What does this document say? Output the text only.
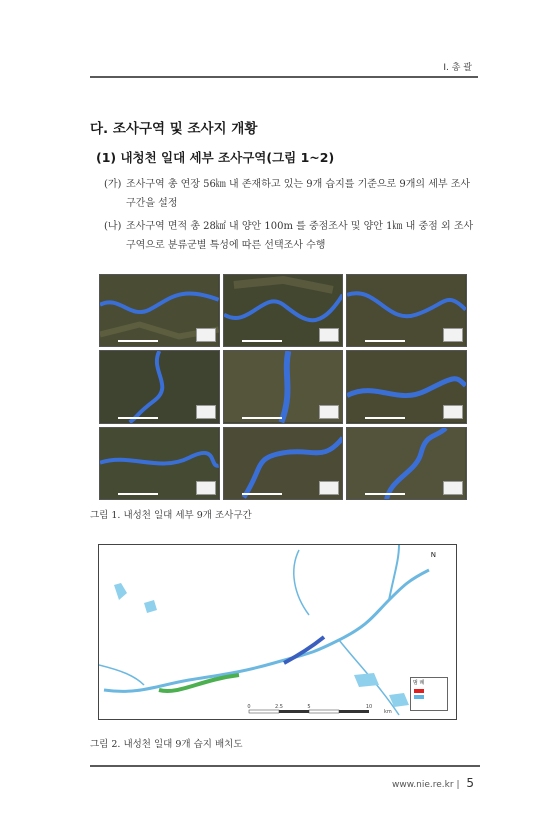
Ⅰ. 총 괄
다. 조사구역 및 조사지 개황
(1) 내청천 일대 세부 조사구역(그림 1~2)
(가) 조사구역 총 연장 56㎞ 내 존재하고 있는 9개 습지를 기준으로 9개의 세부 조사
구간을 설정
(나) 조사구역 면적 총 28㎢ 내 양안 100m 를 중점조사 및 양안 1㎞ 내 중점 외 조사
구역으로 분류군별 특성에 따른 선택조사 수행
그림 1. 내성천 일대 세부 9개 조사구간
0	2.5	5	10
km
N
범 례
그림 2. 내성천 일대 9개 습지 배치도
www.nie.re.kr | 5
